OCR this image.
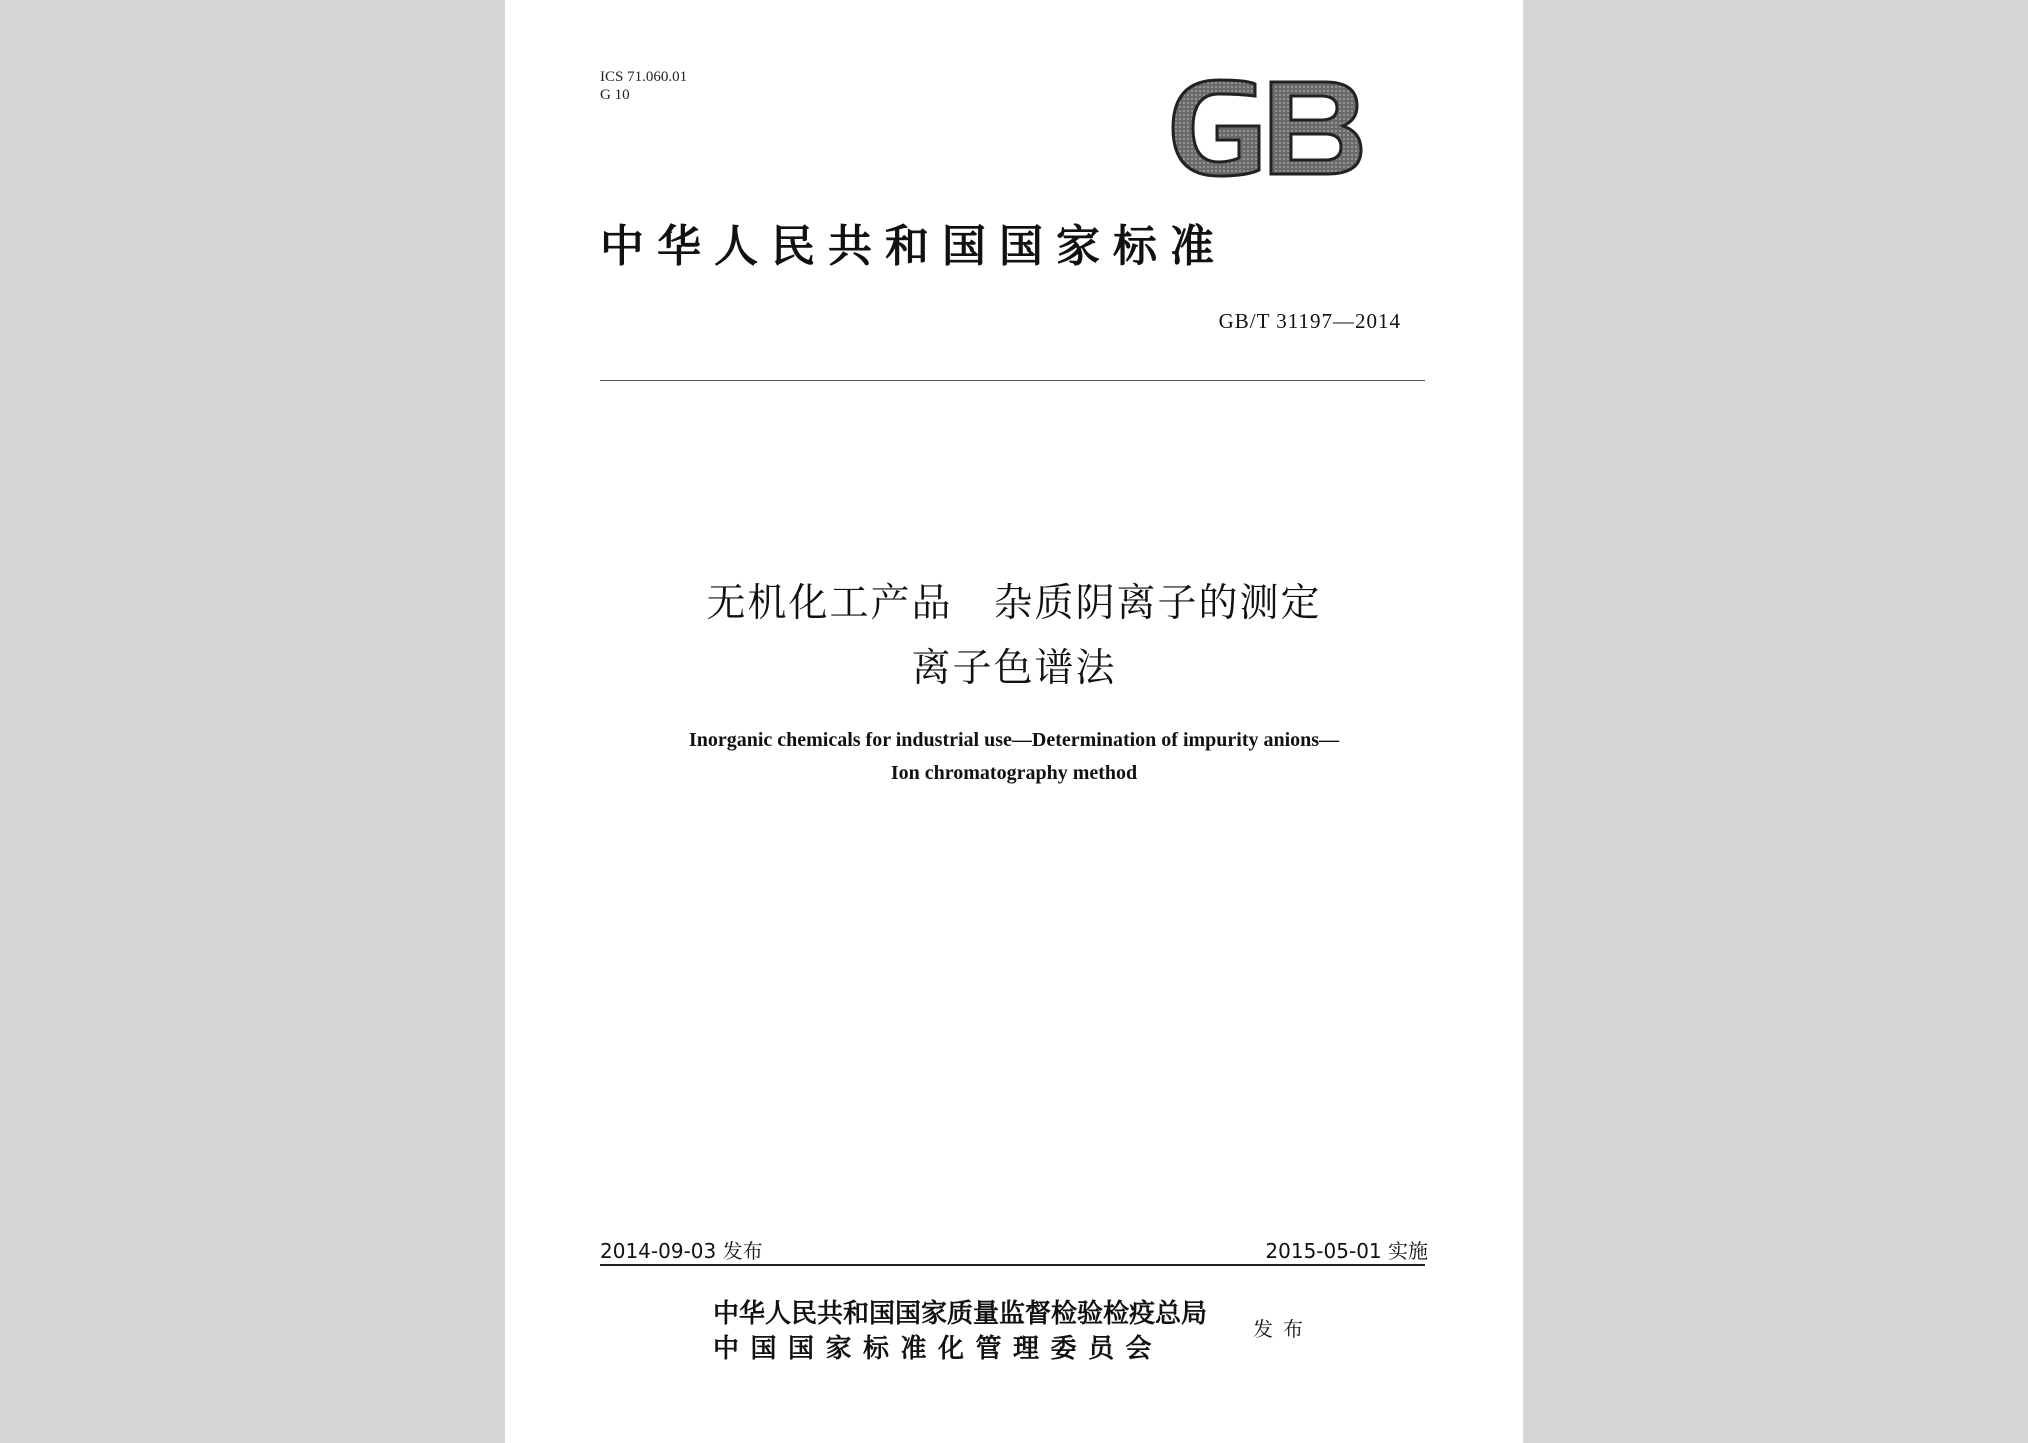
ICS 71.060.01
G 10
中华人民共和国国家标准
GB/T 31197—2014
无机化工产品　杂质阴离子的测定
离子色谱法
Inorganic chemicals for industrial use—Determination of impurity anions—
Ion chromatography method
2014-09-03 发布	2015-05-01 实施
中华人民共和国国家质量监督检验检疫总局
中国国家标准化管理委员会
发布
